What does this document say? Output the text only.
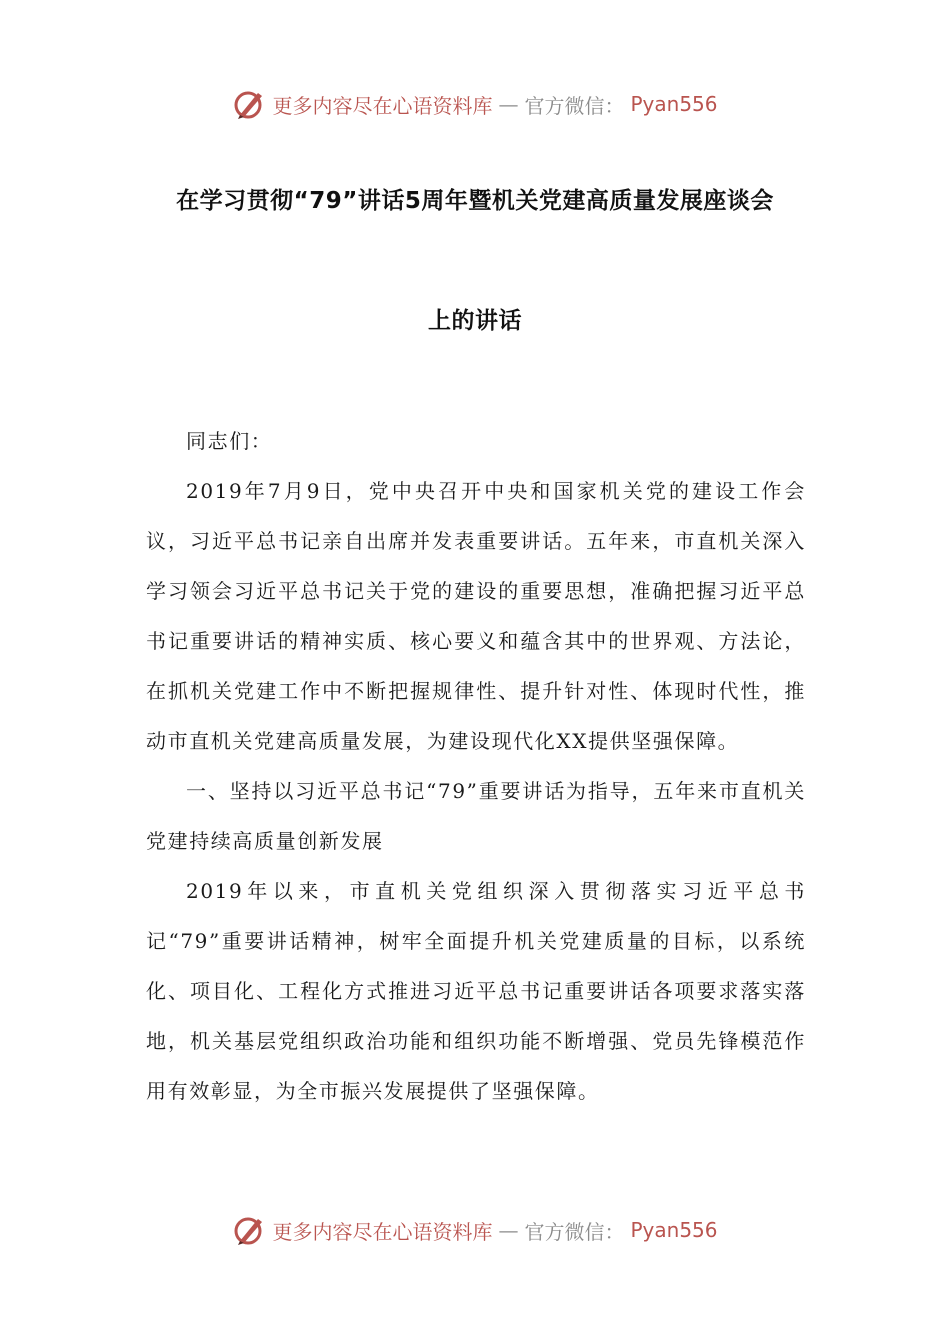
更多内容尽在心语资料库 — 官方微信： Pyan556
在学习贯彻“79”讲话5周年暨机关党建高质量发展座谈会
上的讲话

同志们：

2019年7月9日，党中央召开中央和国家机关党的建设工作会议，习近平总书记亲自出席并发表重要讲话。五年来，市直机关深入学习领会习近平总书记关于党的建设的重要思想，准确把握习近平总书记重要讲话的精神实质、核心要义和蕴含其中的世界观、方法论，在抓机关党建工作中不断把握规律性、提升针对性、体现时代性，推动市直机关党建高质量发展，为建设现代化XX提供坚强保障。

一、坚持以习近平总书记“79”重要讲话为指导，五年来市直机关党建持续高质量创新发展

2019年以来，市直机关党组织深入贯彻落实习近平总书记“79”重要讲话精神，树牢全面提升机关党建质量的目标，以系统化、项目化、工程化方式推进习近平总书记重要讲话各项要求落实落地，机关基层党组织政治功能和组织功能不断增强、党员先锋模范作用有效彰显，为全市振兴发展提供了坚强保障。

更多内容尽在心语资料库 — 官方微信： Pyan556
